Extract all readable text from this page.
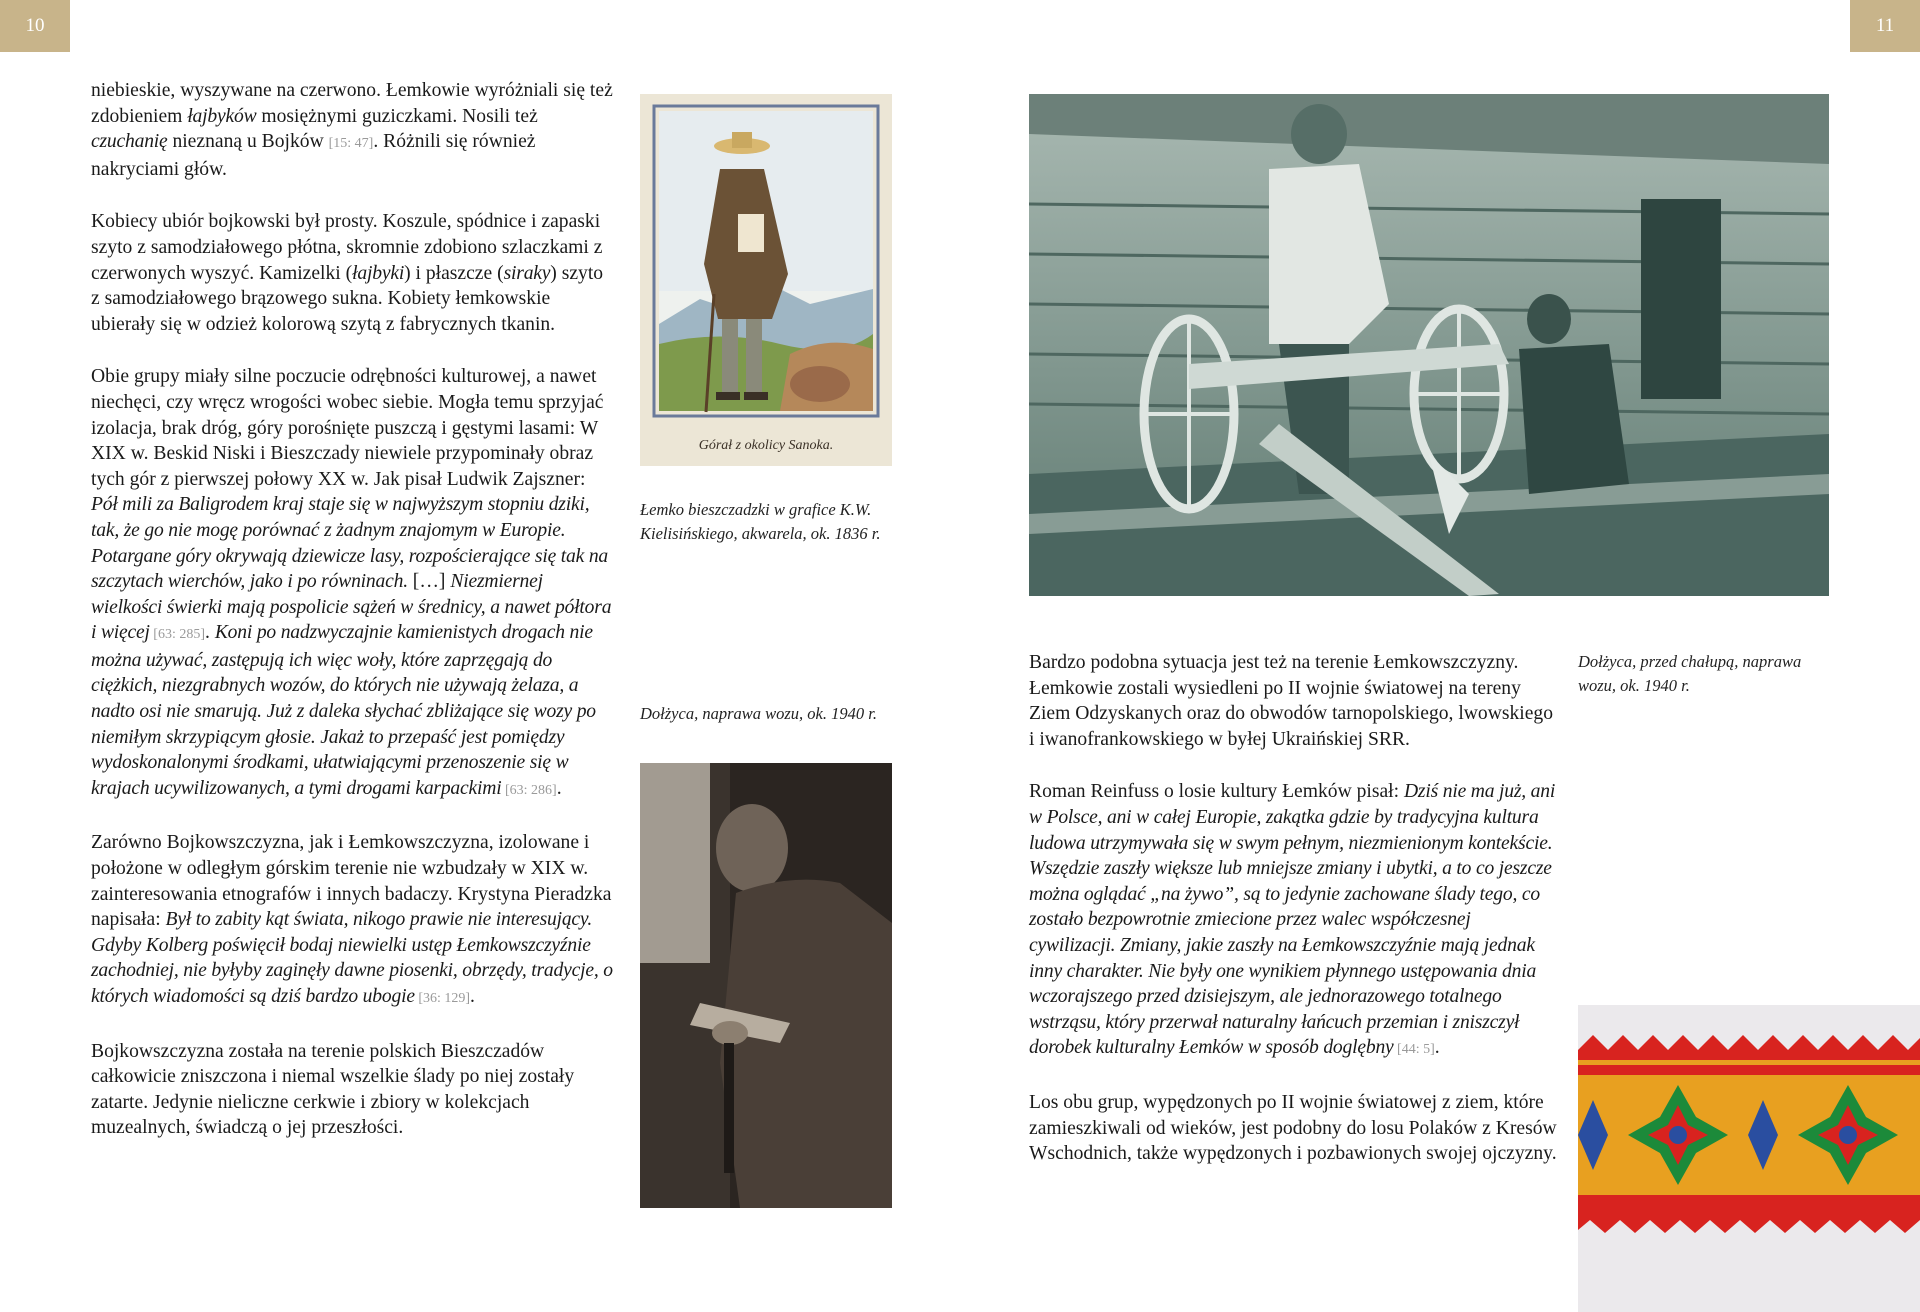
10	11

niebieskie, wyszywane na czerwono. Łemkowie wyróżniali się też zdobieniem łajbyków mosiężnymi guziczkami. Nosili też czuchanię nieznaną u Bojków [15: 47]. Różnili się również nakryciami głów.

Kobiecy ubiór bojkowski był prosty. Koszule, spódnice i zapaski szyto z samodziałowego płótna, skromnie zdobiono szlaczkami z czerwonych wyszyć. Kamizelki (łajbyki) i płaszcze (siraky) szyto z samodziałowego brązowego sukna. Kobiety łemkowskie ubierały się w odzież kolorową szytą z fabrycznych tkanin.

Obie grupy miały silne poczucie odrębności kulturowej, a nawet niechęci, czy wręcz wrogości wobec siebie. Mogła temu sprzyjać izolacja, brak dróg, góry porośnięte puszczą i gęstymi lasami: W XIX w. Beskid Niski i Bieszczady niewiele przypominały obraz tych gór z pierwszej połowy XX w. Jak pisał Ludwik Zajszner: Pół mili za Baligrodem kraj staje się w najwyższym stopniu dziki, tak, że go nie mogę porównać z żadnym znajomym w Europie. Potargane góry okrywają dziewicze lasy, rozpościerające się tak na szczytach wierchów, jako i po równinach. […] Niezmiernej wielkości świerki mają pospolicie sążeń w średnicy, a nawet półtora i więcej [63: 285]. Koni po nadzwyczajnie kamienistych drogach nie można używać, zastępują ich więc woły, które zaprzęgają do ciężkich, niezgrabnych wozów, do których nie używają żelaza, a nadto osi nie smarują. Już z daleka słychać zbliżające się wozy po niemiłym skrzypiącym głosie. Jakaż to przepaść jest pomiędzy wydoskonalonymi środkami, ułatwiającymi przenoszenie się w krajach ucywilizowanych, a tymi drogami karpackimi [63: 286].

Zarówno Bojkowszczyzna, jak i Łemkowszczyzna, izolowane i położone w odległym górskim terenie nie wzbudzały w XIX w. zainteresowania etnografów i innych badaczy. Krystyna Pieradzka napisała: Był to zabity kąt świata, nikogo prawie nie interesujący. Gdyby Kolberg poświęcił bodaj niewielki ustęp Łemkowszczyźnie zachodniej, nie byłyby zaginęły dawne piosenki, obrzędy, tradycje, o których wiadomości są dziś bardzo ubogie [36: 129].

Bojkowszczyzna została na terenie polskich Bieszczadów całkowicie zniszczona i niemal wszelkie ślady po niej zostały zatarte. Jedynie nieliczne cerkwie i zbiory w kolekcjach muzealnych, świadczą o jej przeszłości.

Górał z okolicy Sanoka.
Łemko bieszczadzki w grafice K.W. Kielisińskiego, akwarela, ok. 1836 r.
Dołżyca, naprawa wozu, ok. 1940 r.
Dołżyca, przed chałupą, naprawa wozu, ok. 1940 r.

Bardzo podobna sytuacja jest też na terenie Łemkowszczyzny. Łemkowie zostali wysiedleni po II wojnie światowej na tereny Ziem Odzyskanych oraz do obwodów tarnopolskiego, lwowskiego i iwanofrankowskiego w byłej Ukraińskiej SRR.

Roman Reinfuss o losie kultury Łemków pisał: Dziś nie ma już, ani w Polsce, ani w całej Europie, zakątka gdzie by tradycyjna kultura ludowa utrzymywała się w swym pełnym, niezmienionym kontekście. Wszędzie zaszły większe lub mniejsze zmiany i ubytki, a to co jeszcze można oglądać „na żywo”, są to jedynie zachowane ślady tego, co zostało bezpowrotnie zmiecione przez walec współczesnej cywilizacji. Zmiany, jakie zaszły na Łemkowszczyźnie mają jednak inny charakter. Nie były one wynikiem płynnego ustępowania dnia wczorajszego przed dzisiejszym, ale jednorazowego totalnego wstrząsu, który przerwał naturalny łańcuch przemian i zniszczył dorobek kulturalny Łemków w sposób doglębny [44: 5].

Los obu grup, wypędzonych po II wojnie światowej z ziem, które zamieszkiwali od wieków, jest podobny do losu Polaków z Kresów Wschodnich, także wypędzonych i pozbawionych swojej ojczyzny.
